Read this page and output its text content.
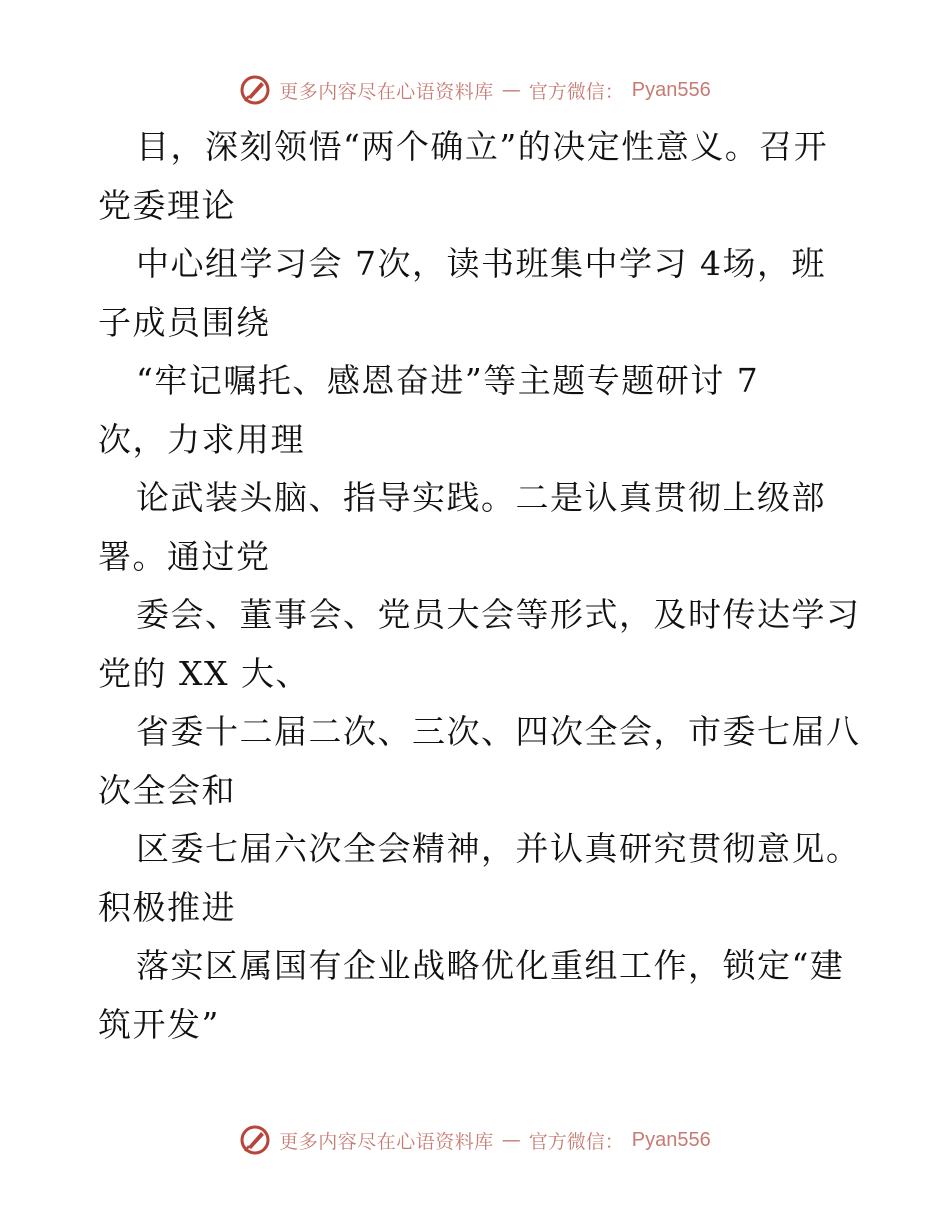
更多内容尽在心语资料库 — 官方微信： Pyan556
目，深刻领悟“两个确立”的决定性意义。召开
党委理论
中心组学习会 7次，读书班集中学习 4场，班
子成员围绕
“牢记嘱托、感恩奋进”等主题专题研讨 7
次，力求用理
论武装头脑、指导实践。二是认真贯彻上级部
署。通过党
委会、董事会、党员大会等形式，及时传达学习
党的 XX 大、
省委十二届二次、三次、四次全会，市委七届八
次全会和
区委七届六次全会精神，并认真研究贯彻意见。
积极推进
落实区属国有企业战略优化重组工作，锁定“建
筑开发”
更多内容尽在心语资料库 — 官方微信： Pyan556
